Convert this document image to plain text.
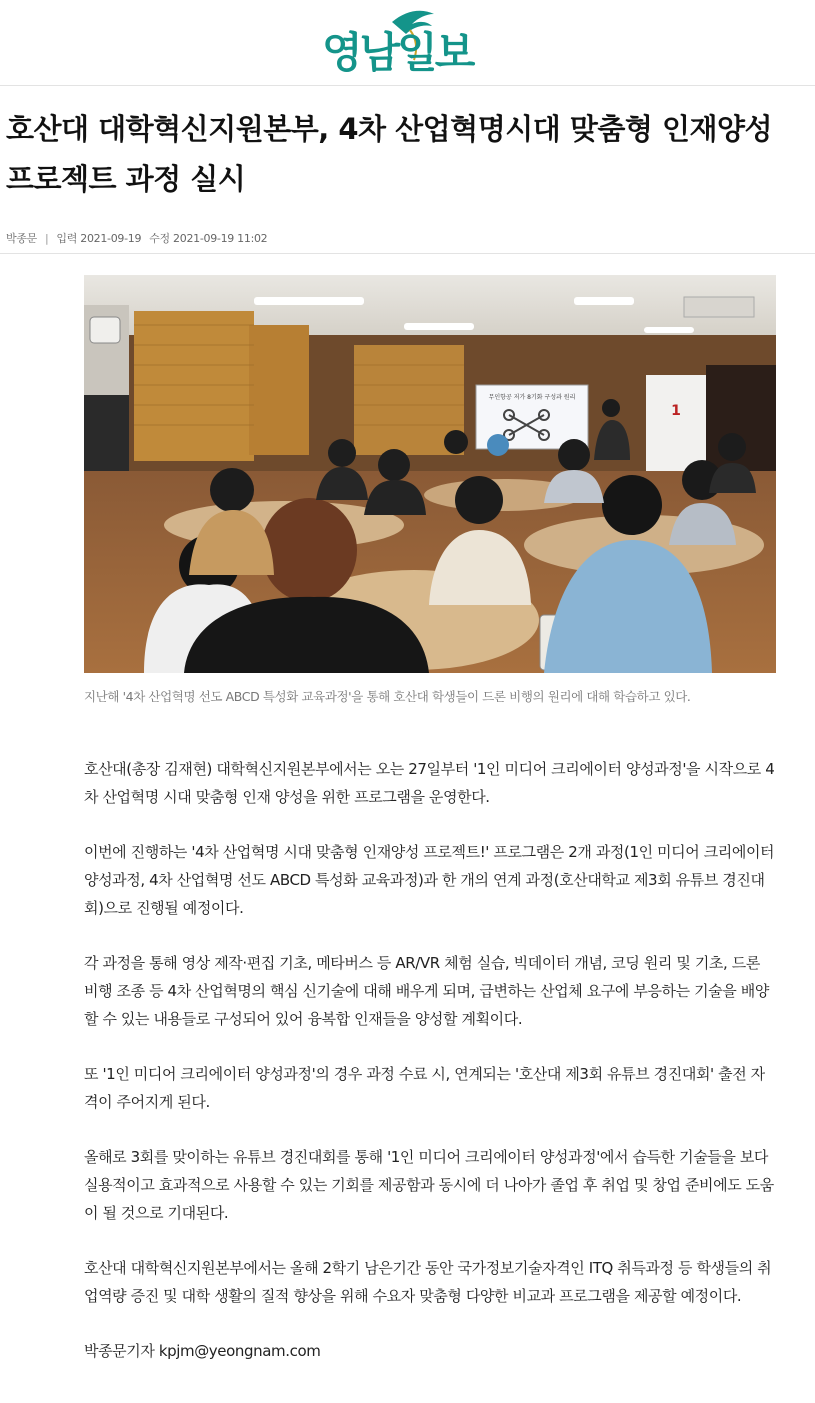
영남일보
호산대 대학혁신지원본부, 4차 산업혁명시대 맞춤형 인재양성 프로젝트 과정 실시
박종문 | 입력 2021-09-19 수정 2021-09-19 11:02
무인항공 저가 8기화 구성과 원리
1
지난해 '4차 산업혁명 선도 ABCD 특성화 교육과정'을 통해 호산대 학생들이 드론 비행의 원리에 대해 학습하고 있다.

호산대(총장 김재현) 대학혁신지원본부에서는 오는 27일부터 '1인 미디어 크리에이터 양성과정'을 시작으로 4차 산업혁명 시대 맞춤형 인재 양성을 위한 프로그램을 운영한다.

이번에 진행하는 '4차 산업혁명 시대 맞춤형 인재양성 프로젝트!' 프로그램은 2개 과정(1인 미디어 크리에이터 양성과정, 4차 산업혁명 선도 ABCD 특성화 교육과정)과 한 개의 연계 과정(호산대학교 제3회 유튜브 경진대회)으로 진행될 예정이다.

각 과정을 통해 영상 제작·편집 기초, 메타버스 등 AR/VR 체험 실습, 빅데이터 개념, 코딩 원리 및 기초, 드론 비행 조종 등 4차 산업혁명의 핵심 신기술에 대해 배우게 되며, 급변하는 산업체 요구에 부응하는 기술을 배양할 수 있는 내용들로 구성되어 있어 융복합 인재들을 양성할 계획이다.

또 '1인 미디어 크리에이터 양성과정'의 경우 과정 수료 시, 연계되는 '호산대 제3회 유튜브 경진대회' 출전 자격이 주어지게 된다.

올해로 3회를 맞이하는 유튜브 경진대회를 통해 '1인 미디어 크리에이터 양성과정'에서 습득한 기술들을 보다 실용적이고 효과적으로 사용할 수 있는 기회를 제공함과 동시에 더 나아가 졸업 후 취업 및 창업 준비에도 도움이 될 것으로 기대된다.

호산대 대학혁신지원본부에서는 올해 2학기 남은기간 동안 국가정보기술자격인 ITQ 취득과정 등 학생들의 취업역량 증진 및 대학 생활의 질적 향상을 위해 수요자 맞춤형 다양한 비교과 프로그램을 제공할 예정이다.

박종문기자 kpjm@yeongnam.com
